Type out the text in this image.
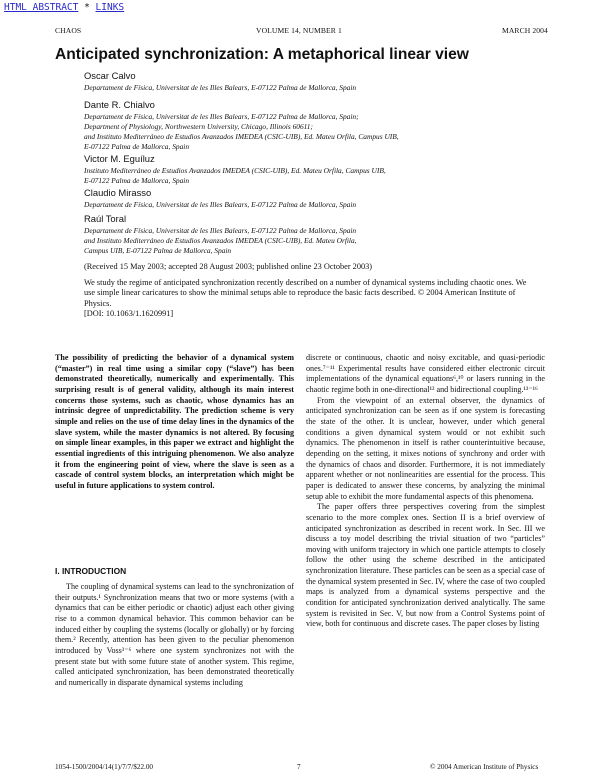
HTML ABSTRACT * LINKS
CHAOS	VOLUME 14, NUMBER 1	MARCH 2004
Anticipated synchronization: A metaphorical linear view
Oscar Calvo
Departament de Física, Universitat de les Illes Balears, E-07122 Palma de Mallorca, Spain
Dante R. Chialvo
Departament de Física, Universitat de les Illes Balears, E-07122 Palma de Mallorca, Spain;
Department of Physiology, Northwestern University, Chicago, Illinois 60611;
and Instituto Mediterráneo de Estudios Avanzados IMEDEA (CSIC-UIB), Ed. Mateu Orfila, Campus UIB,
E-07122 Palma de Mallorca, Spain
Victor M. Eguíluz
Instituto Mediterráneo de Estudios Avanzados IMEDEA (CSIC-UIB), Ed. Mateu Orfila, Campus UIB,
E-07122 Palma de Mallorca, Spain
Claudio Mirasso
Departament de Física, Universitat de les Illes Balears, E-07122 Palma de Mallorca, Spain
Raúl Toral
Departament de Física, Universitat de les Illes Balears, E-07122 Palma de Mallorca, Spain
and Instituto Mediterráneo de Estudios Avanzados IMEDEA (CSIC-UIB), Ed. Mateu Orfila,
Campus UIB, E-07122 Palma de Mallorca, Spain
(Received 15 May 2003; accepted 28 August 2003; published online 23 October 2003)
We study the regime of anticipated synchronization recently described on a number of dynamical systems including chaotic ones. We use simple linear caricatures to show the minimal setups able to reproduce the basic facts described. © 2004 American Institute of Physics.
[DOI: 10.1063/1.1620991]
The possibility of predicting the behavior of a dynamical system (“master”) in real time using a similar copy (“slave”) has been demonstrated theoretically, numerically and experimentally. This surprising result is of general validity, although its main interest concerns those systems, such as chaotic, whose dynamics has an intrinsic degree of unpredictability. The prediction scheme is very simple and relies on the use of time delay lines in the dynamics of the slave system, while the master dynamics is not altered. By focusing on simple linear examples, in this paper we extract and highlight the essential ingredients of this intriguing phenomenon. We also analyze it from the engineering point of view, where the slave is seen as a cascade of control system blocks, an interpretation which might be useful in future applications to system control.
I. INTRODUCTION
The coupling of dynamical systems can lead to the synchronization of their outputs.¹ Synchronization means that two or more systems (with a dynamics that can be either periodic or chaotic) adjust each other giving rise to a common dynamical behavior. This common behavior can be induced either by coupling the systems (locally or globally) or by forcing them.² Recently, attention has been given to the peculiar phenomenon introduced by Voss³⁻⁶ where one system synchronizes not with the present state but with some future state of another system. This regime, called anticipated synchronization, has been demonstrated theoretically and numerically in disparate dynamical systems including
discrete or continuous, chaotic and noisy excitable, and quasi-periodic ones.⁷⁻¹¹ Experimental results have considered either electronic circuit implementations of the dynamical equations⁶,¹⁰ or lasers running in the chaotic regime both in one-directional¹² and bidirectional coupling.¹³⁻¹⁶
From the viewpoint of an external observer, the dynamics of anticipated synchronization can be seen as if one system is forecasting the state of the other. It is unclear, however, under which general conditions a given dynamical system would or not exhibit such dynamics. The phenomenon in itself is rather counterintuitive because, depending on the setting, it mixes notions of synchrony and order with the dynamics of chaos and disorder. Furthermore, it is not immediately apparent whether or not nonlinearities are essential for the process. This paper is dedicated to answer these concerns, by analyzing the minimal setup able to exhibit the more fundamental aspects of this phenomena.
The paper offers three perspectives covering from the simplest scenario to the more complex ones. Section II is a brief overview of anticipated synchronization as described in recent work. In Sec. III we discuss a toy model describing the trivial situation of two “particles” moving with uniform trajectory in which one particle attempts to closely follow the other using the scheme described in the anticipated synchronization literature. These particles can be seen as a special case of the dynamical system presented in Sec. IV, where the case of two coupled maps is analyzed from a dynamical systems perspective and the condition for anticipated synchronization derived analytically. The same system is revisited in Sec. V, but now from a Control Systems point of view, both for continuous and discrete cases. The paper closes by listing
1054-1500/2004/14(1)/7/7/$22.00	7	© 2004 American Institute of Physics
